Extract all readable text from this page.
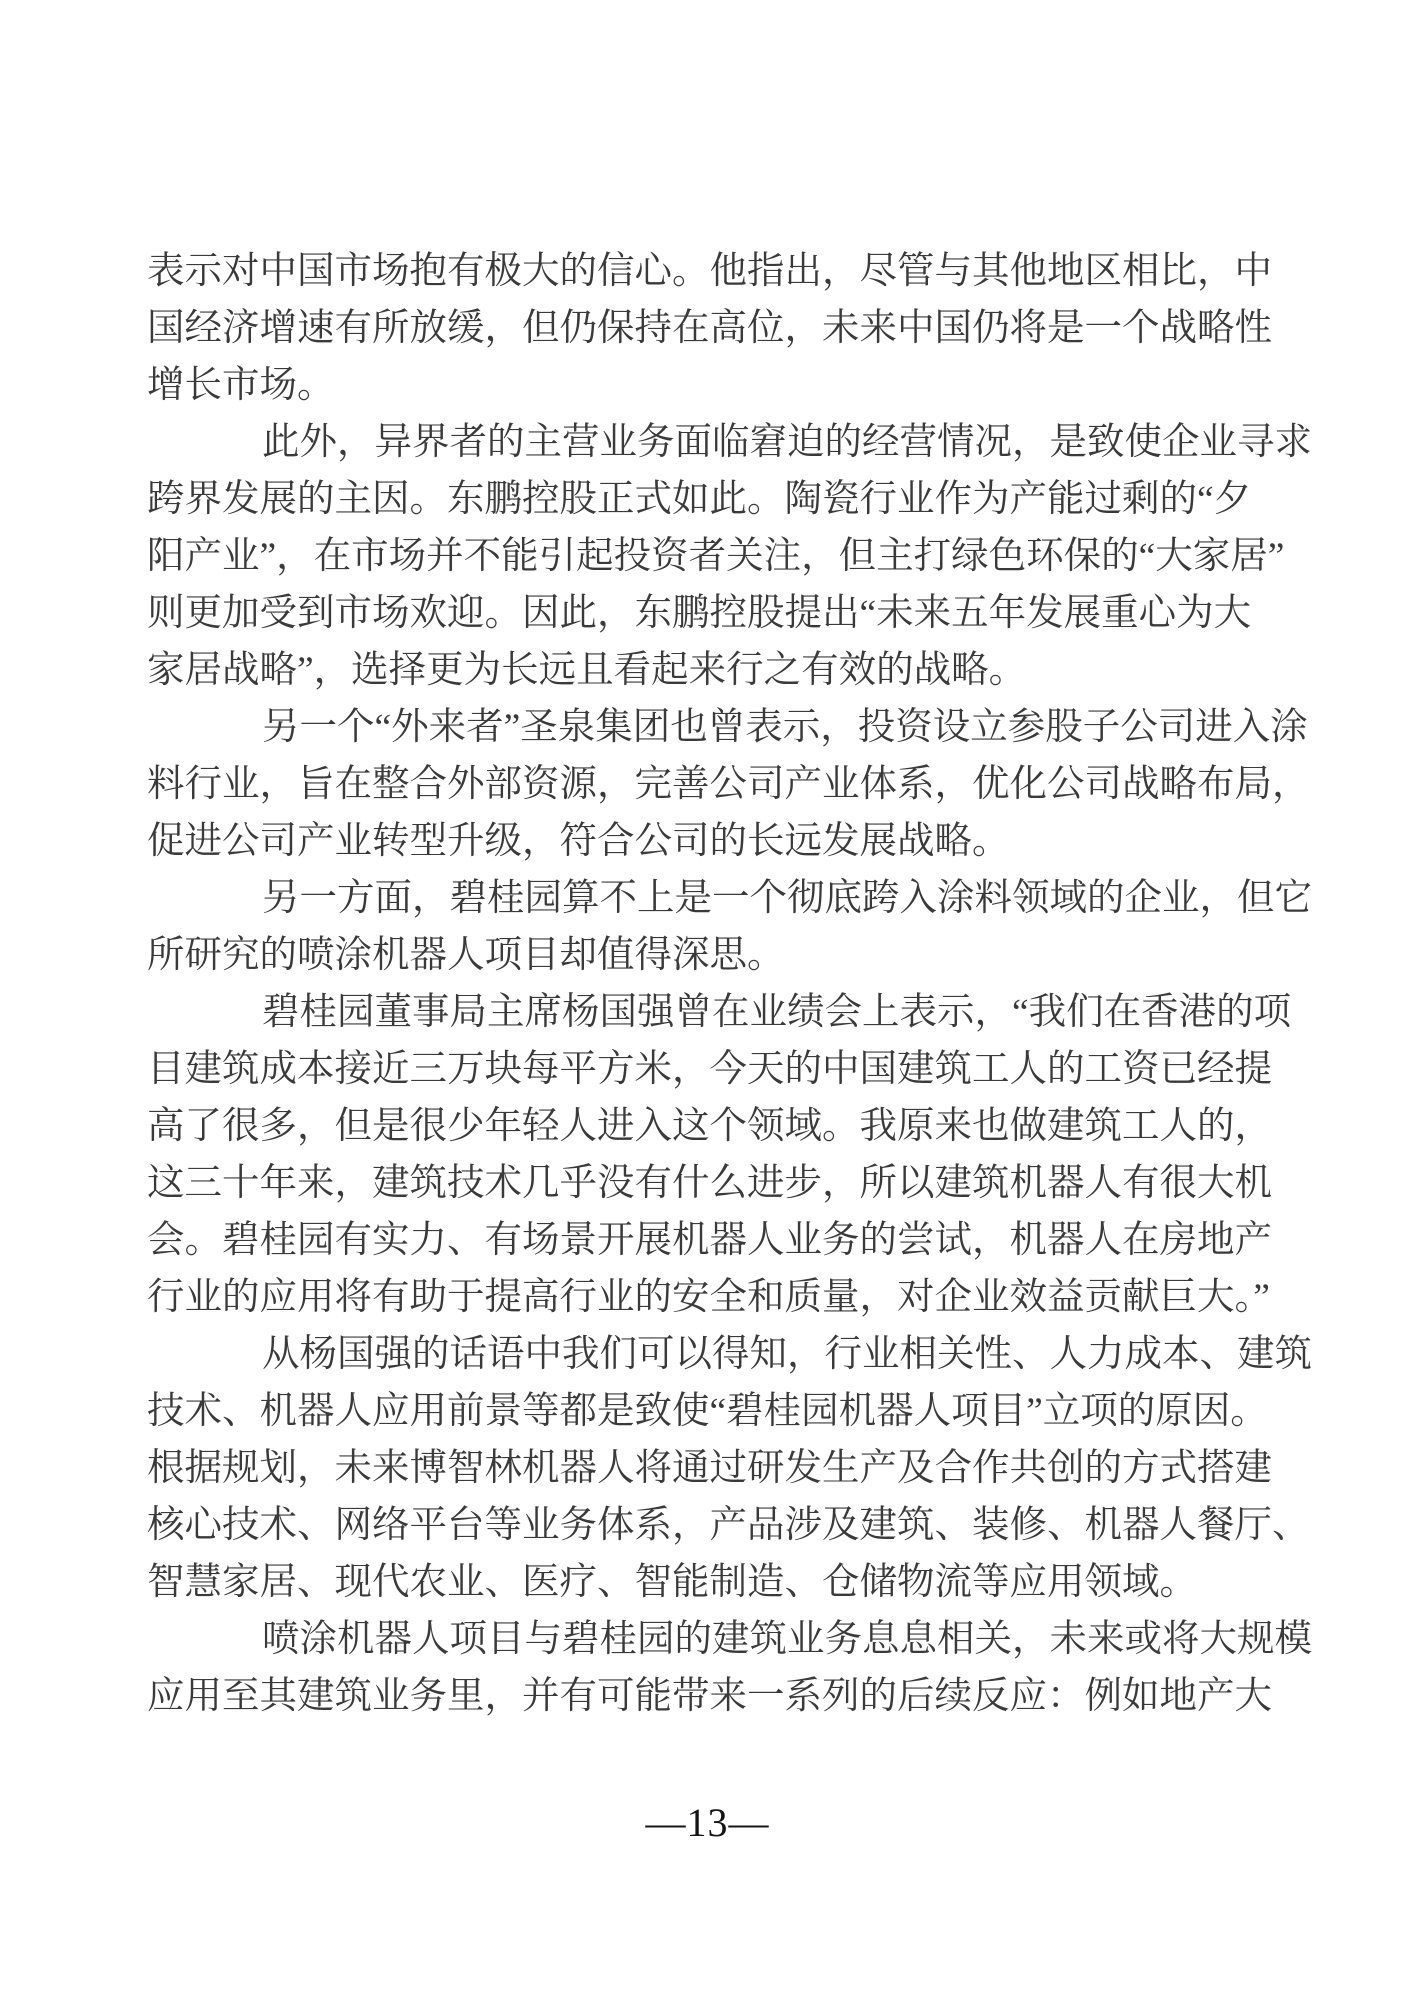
表示对中国市场抱有极大的信心。他指出，尽管与其他地区相比，中
国经济增速有所放缓，但仍保持在高位，未来中国仍将是一个战略性
增长市场。
此外，异界者的主营业务面临窘迫的经营情况，是致使企业寻求
跨界发展的主因。东鹏控股正式如此。陶瓷行业作为产能过剩的“夕
阳产业”，在市场并不能引起投资者关注，但主打绿色环保的“大家居”
则更加受到市场欢迎。因此，东鹏控股提出“未来五年发展重心为大
家居战略”，选择更为长远且看起来行之有效的战略。
另一个“外来者”圣泉集团也曾表示，投资设立参股子公司进入涂
料行业，旨在整合外部资源，完善公司产业体系，优化公司战略布局，
促进公司产业转型升级，符合公司的长远发展战略。
另一方面，碧桂园算不上是一个彻底跨入涂料领域的企业，但它
所研究的喷涂机器人项目却值得深思。
碧桂园董事局主席杨国强曾在业绩会上表示，“我们在香港的项
目建筑成本接近三万块每平方米，今天的中国建筑工人的工资已经提
高了很多，但是很少年轻人进入这个领域。我原来也做建筑工人的，
这三十年来，建筑技术几乎没有什么进步，所以建筑机器人有很大机
会。碧桂园有实力、有场景开展机器人业务的尝试，机器人在房地产
行业的应用将有助于提高行业的安全和质量，对企业效益贡献巨大。”
从杨国强的话语中我们可以得知，行业相关性、人力成本、建筑
技术、机器人应用前景等都是致使“碧桂园机器人项目”立项的原因。
根据规划，未来博智林机器人将通过研发生产及合作共创的方式搭建
核心技术、网络平台等业务体系，产品涉及建筑、装修、机器人餐厅、
智慧家居、现代农业、医疗、智能制造、仓储物流等应用领域。
喷涂机器人项目与碧桂园的建筑业务息息相关，未来或将大规模
应用至其建筑业务里，并有可能带来一系列的后续反应：例如地产大
—13—
